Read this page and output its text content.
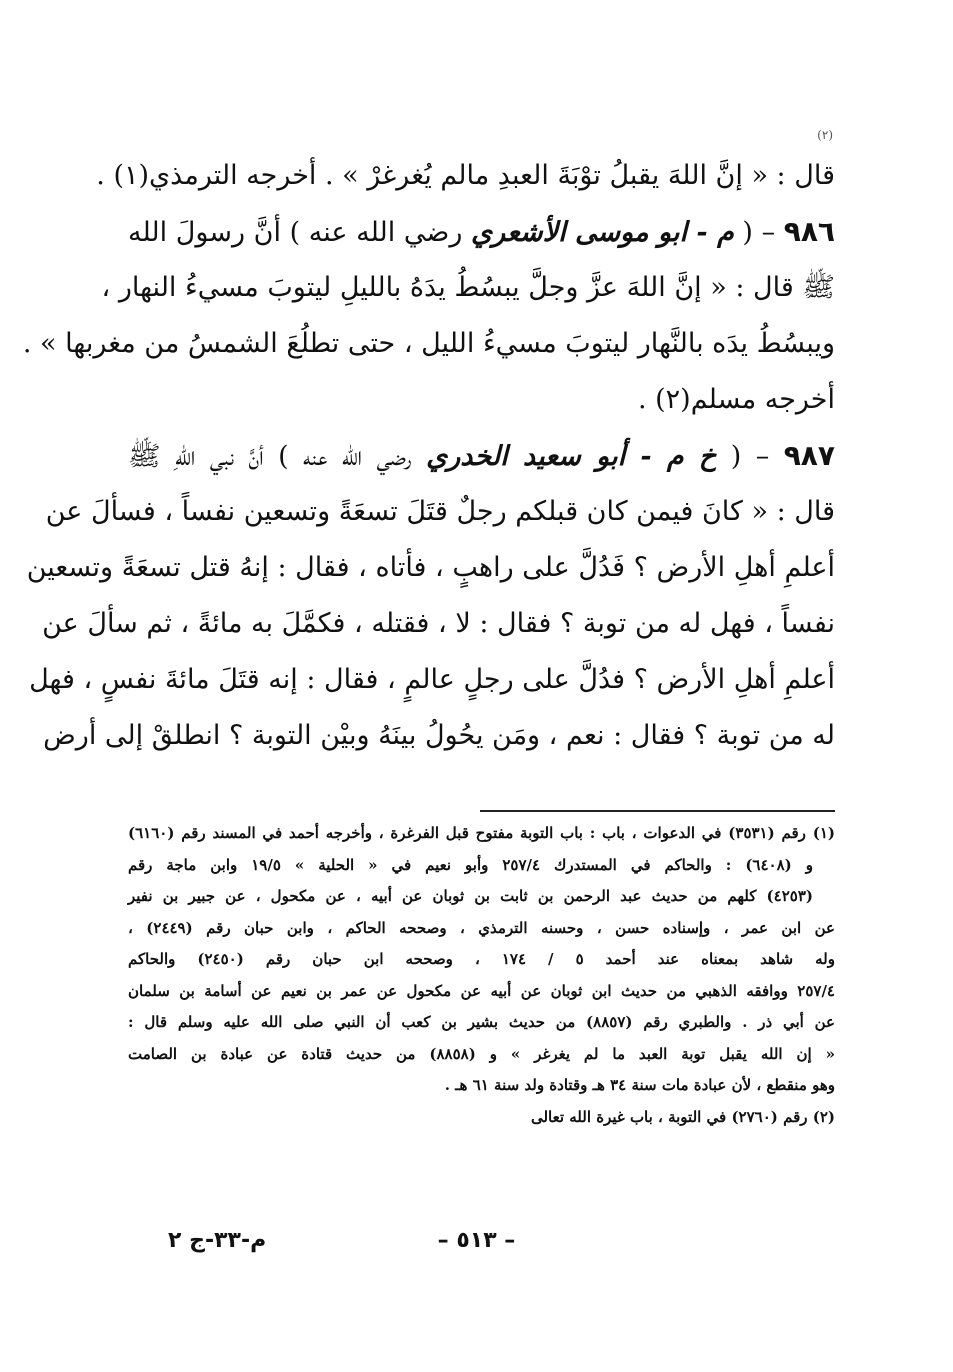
(٢)
قال : « إنَّ اللهَ يقبلُ توْبَةَ العبدِ مالم يُغرغرْ » . أخرجه الترمذي(١) .
٩٨٦ – ( م - ابو موسى الأشعري رضي الله عنه ) أنَّ رسولَ الله
ﷺ قال : « إنَّ اللهَ عزَّ وجلَّ يبسُطُ يدَهُ بالليلِ ليتوبَ مسيءُ النهار ،
ويبسُطُ يدَه بالنَّهار ليتوبَ مسيءُ الليل ، حتى تطلُعَ الشمسُ من مغربها » .
أخرجه مسلم(٢) .
٩٨٧ – ( خ م - أبو سعيد الخدري رضي الله عنه ) أنَّ نبي اللهِ ﷺ
قال : « كانَ فيمن كان قبلكم رجلٌ قتَلَ تسعَةً وتسعين نفساً ، فسألَ عن
أعلمِ أهلِ الأرض ؟ فَدُلَّ على راهبٍ ، فأتاه ، فقال : إنهُ قتل تسعَةً وتسعين
نفساً ، فهل له من توبة ؟ فقال : لا ، فقتله ، فكمَّلَ به مائةً ، ثم سألَ عن
أعلمِ أهلِ الأرض ؟ فدُلَّ على رجلٍ عالمٍ ، فقال : إنه قتَلَ مائةَ نفسٍ ، فهل
له من توبة ؟ فقال : نعم ، ومَن يحُولُ بينَهُ وبيْن التوبة ؟ انطلقْ إلى أرض
(١) رقم (٣٥٣١) في الدعوات ، باب : باب التوبة مفتوح قبل الفرغرة ، وأخرجه أحمد في المسند رقم (٦١٦٠)
و (٦٤٠٨) : والحاكم في المستدرك ٢٥٧/٤ وأبو نعيم في « الحلية » ١٩/٥ وابن ماجة رقم
(٤٢٥٣) كلهم من حديث عبد الرحمن بن ثابت بن ثوبان عن أبيه ، عن مكحول ، عن جبير بن نفير
عن ابن عمر ، وإسناده حسن ، وحسنه الترمذي ، وصححه الحاكم ، وابن حبان رقم (٢٤٤٩) ،
وله شاهد بمعناه عند أحمد ٥ / ١٧٤ ، وصححه ابن حبان رقم (٢٤٥٠) والحاكم
٢٥٧/٤ ووافقه الذهبي من حديث ابن ثوبان عن أبيه عن مكحول عن عمر بن نعيم عن أسامة بن سلمان
عن أبي ذر . والطبري رقم (٨٨٥٧) من حديث بشير بن كعب أن النبي صلى الله عليه وسلم قال :
« إن الله يقبل توبة العبد ما لم يغرغر » و (٨٨٥٨) من حديث قتادة عن عبادة بن الصامت
وهو منقطع ، لأن عبادة مات سنة ٣٤ هـ وقتادة ولد سنة ٦١ هـ .
(٢) رقم (٢٧٦٠) في التوبة ، باب غيرة الله تعالى
– ٥١٣ –
م-٣٣-ج ٢
